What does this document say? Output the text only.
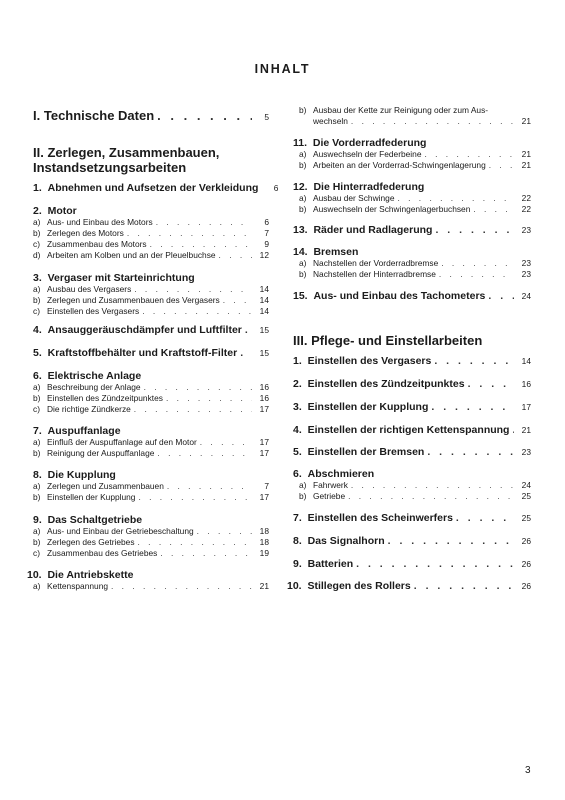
INHALT
I.
Technische Daten . . .	5
II.
Zerlegen, Zusammenbauen,
Instandsetzungsarbeiten
1.
Abnehmen und Aufsetzen der Verkleidung	6
2.
Motor
a) Aus- und Einbau des Motors . . .	6
b) Zerlegen des Motors . . .	7
c) Zusammenbau des Motors . . .	9
d) Arbeiten am Kolben und an der Pleuelbuchse . . .	12
3.
Vergaser mit Starteinrichtung
a) Ausbau des Vergasers . . .	14
b) Zerlegen und Zusammenbauen des Vergasers . . .	14
c) Einstellen des Vergasers . . .	14
4.
Ansauggeräuschdämpfer und Luftfilter . . .	15
5.
Kraftstoffbehälter und Kraftstoff-Filter . . .	15
6.
Elektrische Anlage
a) Beschreibung der Anlage . . .	16
b) Einstellen des Zündzeitpunktes . . .	16
c) Die richtige Zündkerze . . .	17
7.
Auspuffanlage
a) Einfluß der Auspuffanlage auf den Motor . . .	17
b) Reinigung der Auspuffanlage . . .	17
8.
Die Kupplung
a) Zerlegen und Zusammenbauen . . .	7
b) Einstellen der Kupplung . . .	17
9.
Das Schaltgetriebe
a) Aus- und Einbau der Getriebeschaltung . . .	18
b) Zerlegen des Getriebes . . .	18
c) Zusammenbau des Getriebes . . .	19
10.
Die Antriebskette
a) Kettenspannung . . .	21
b) Ausbau der Kette zur Reinigung oder zum Aus-
wechseln . . .	21
11.
Die Vorderradfederung
a) Auswechseln der Federbeine . . .	21
b) Arbeiten an der Vorderrad-Schwingenlagerung . . .	21
12.
Die Hinterradfederung
a) Ausbau der Schwinge . . .	22
b) Auswechseln der Schwingenlagerbuchsen . . .	22
13.
Räder und Radlagerung . . .	23
14.
Bremsen
a) Nachstellen der Vorderradbremse . . .	23
b) Nachstellen der Hinterradbremse . . .	23
15.
Aus- und Einbau des Tachometers . . .	24
III.
Pflege- und Einstellarbeiten
1.
Einstellen des Vergasers . . .	14
2.
Einstellen des Zündzeitpunktes . . .	16
3.
Einstellen der Kupplung . . .	17
4.
Einstellen der richtigen Kettenspannung . . .	21
5.
Einstellen der Bremsen . . .	23
6.
Abschmieren
a) Fahrwerk . . .	24
b) Getriebe . . .	25
7.
Einstellen des Scheinwerfers . . .	25
8.
Das Signalhorn . . .	26
9.
Batterien . . .	26
10.
Stillegen des Rollers . . .	26
3
